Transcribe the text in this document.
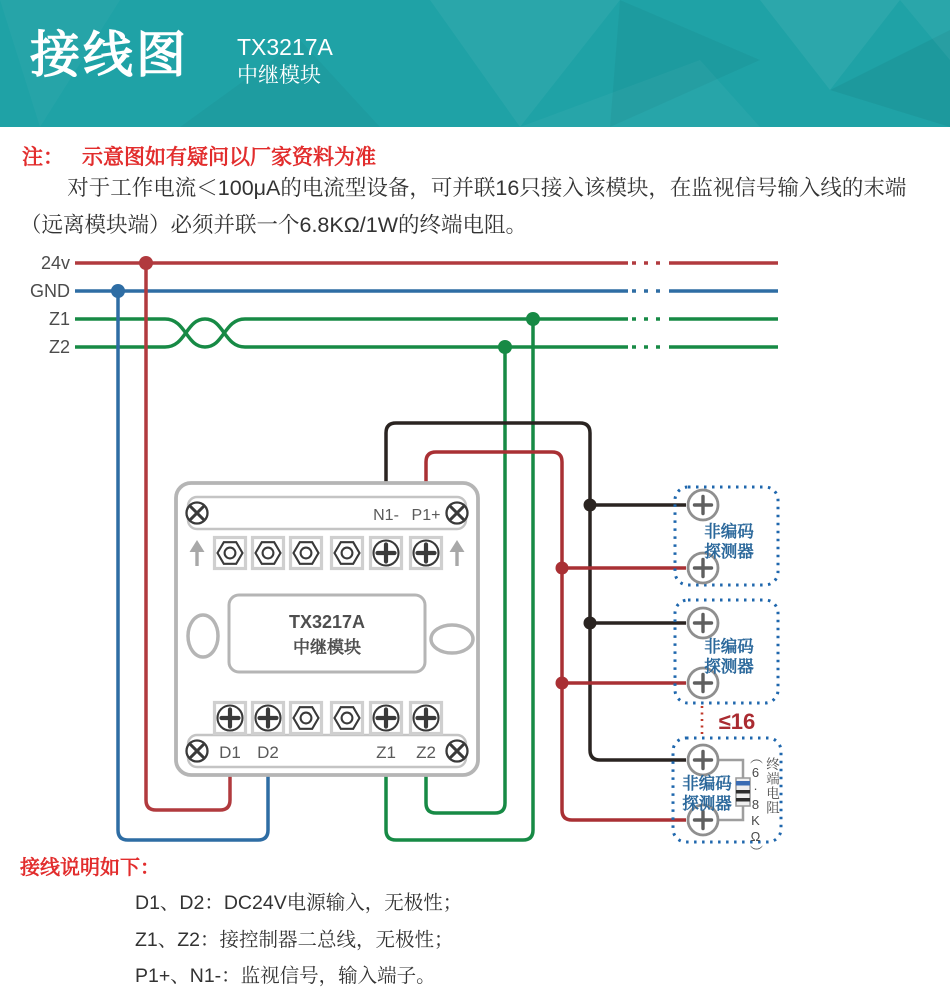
接线图 TX3217A
中继模块
注： 示意图如有疑问以厂家资料为准
对于工作电流＜100μA的电流型设备，可并联16只接入该模块，在监视信号输入线的末端（远离模块端）必须并联一个6.8KΩ/1W的终端电阻。
24v
GND
Z1
Z2
N1- P1+
TX3217A
中继模块
D1 D2	Z1 Z2
非编码
探测器
非编码
探测器
≤16
非编码
探测器 （6·8KΩ） 终端电阻
接线说明如下：
D1、D2：DC24V电源输入，无极性；
Z1、Z2：接控制器二总线，无极性；
P1+、N1-：监视信号，输入端子。
